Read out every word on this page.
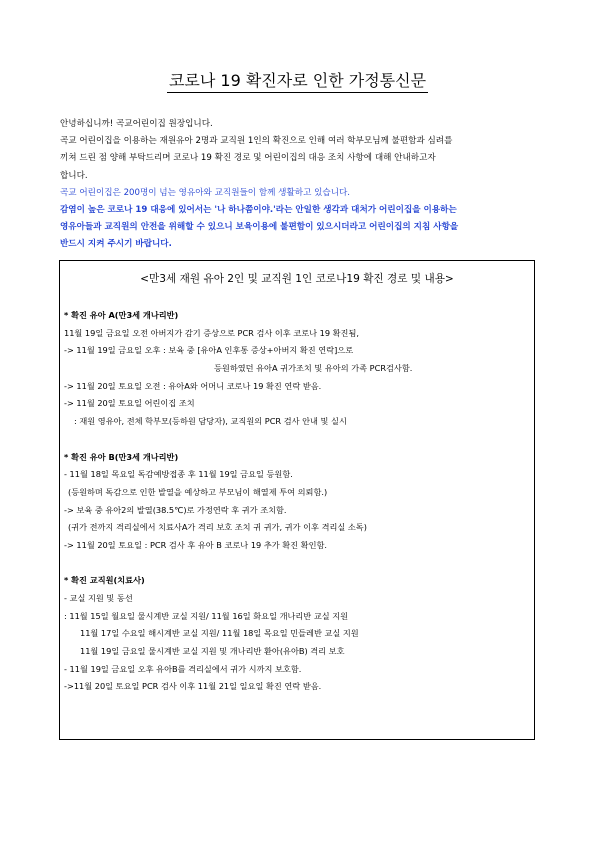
코로나 19 확진자로 인한 가정통신문

안녕하십니까! 곡교어린이집 원장입니다.

곡교 어린이집을 이용하는 재원유아 2명과 교직원 1인의 확진으로 인해 여러 학부모님께 불편함과 심려를

끼쳐 드린 점 양해 부탁드리며 코로나 19 확진 경로 및 어린이집의 대응 조치 사항에 대해 안내하고자

합니다.

곡교 어린이집은 200명이 넘는 영유아와 교직원들이 함께 생활하고 있습니다.

감염이 높은 코로나 19 대응에 있어서는 '나 하나쯤이야.'라는 안일한 생각과 대처가 어린이집을 이용하는

영유아들과 교직원의 안전을 위해할 수 있으니 보육이용에 불편함이 있으시더라고 어린이집의 지침 사항을

반드시 지켜 주시기 바랍니다.

<만3세 재원 유아 2인 및 교직원 1인 코로나19 확진 경로 및 내용>
* 확진 유아 A(만3세 개나리반)
11월 19일 금요일 오전 아버지가 감기 증상으로 PCR 검사 이후 코로나 19 확진됨,
-> 11월 19일 금요일 오후 : 보육 중 [유아A 인후통 증상+아버지 확진 연락]으로
등원하였던 유아A 귀가조치 및 유아의 가족 PCR검사함.
-> 11월 20일 토요일 오전 : 유아A와 어머니 코로나 19 확진 연락 받음.
-> 11월 20일 토요일 어린이집 조치
: 재원 영유아, 전체 학부모(등하원 담당자), 교직원의 PCR 검사 안내 및 실시
* 확진 유아 B(만3세 개나리반)
- 11월 18일 목요일 독감예방접종 후 11월 19일 금요일 등원함.
(등원하며 독감으로 인한 발열을 예상하고 부모님이 해열제 투여 의뢰함.)
-> 보육 중 유아2의 발열(38.5℃)로 가정연락 후 귀가 조치함.
(귀가 전까지 격리실에서 치료사A가 격리 보호 조치 귀 귀가, 귀가 이후 격리실 소독)
-> 11월 20일 토요일 : PCR 검사 후 유아 B 코로나 19 추가 확진 확인함.
* 확진 교직원(치료사)
- 교실 지원 및 동선
: 11월 15일 월요일 물시계반 교실 지원/ 11월 16일 화요일 개나리반 교실 지원
11월 17일 수요일 해시계반 교실 지원/ 11월 18일 목요일 민들레반 교실 지원
11월 19일 금요일 물시계반 교실 지원 및 개나리반 환아(유아B) 격리 보호
- 11월 19일 금요일 오후 유아B를 격리실에서 귀가 시까지 보호함.
->11월 20일 토요일 PCR 검사 이후 11월 21일 일요일 확진 연락 받음.
